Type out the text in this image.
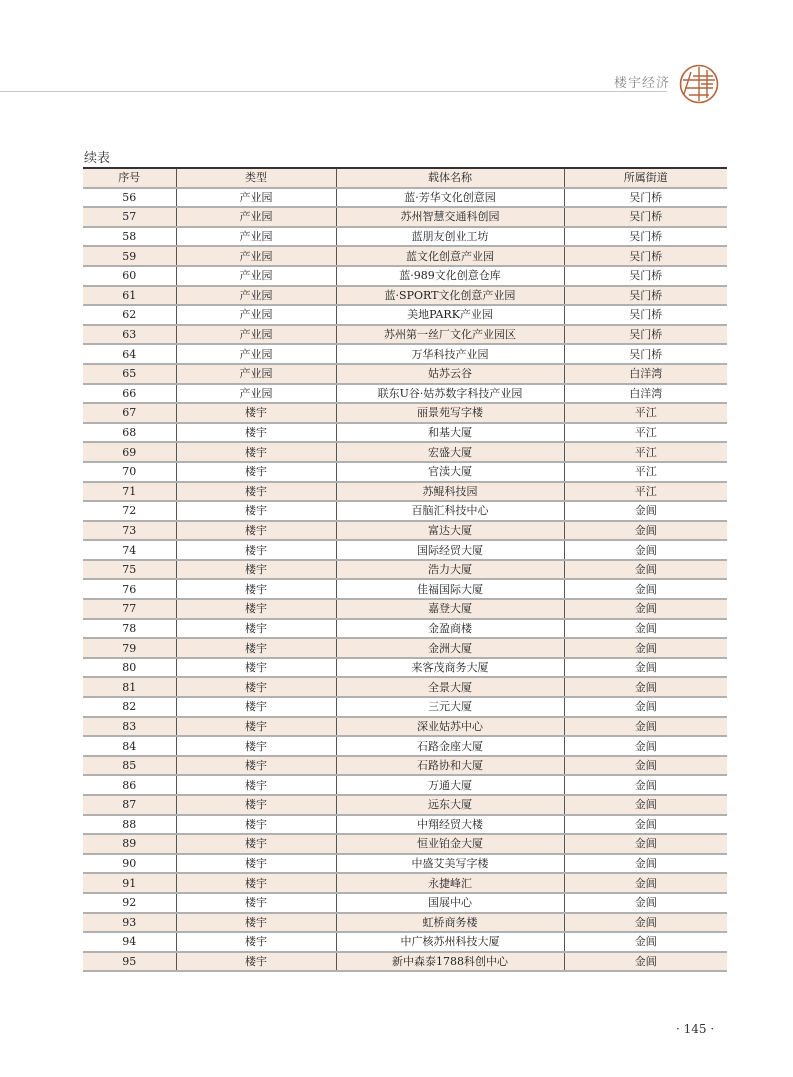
楼宇经济
续表
序号	类型	载体名称	所属街道
56	产业园	蓝·芳华文化创意园	吴门桥
57	产业园	苏州智慧交通科创园	吴门桥
58	产业园	蓝朋友创业工坊	吴门桥
59	产业园	蓝文化创意产业园	吴门桥
60	产业园	蓝·989文化创意仓库	吴门桥
61	产业园	蓝·SPORT文化创意产业园	吴门桥
62	产业园	美地PARK产业园	吴门桥
63	产业园	苏州第一丝厂文化产业园区	吴门桥
64	产业园	万华科技产业园	吴门桥
65	产业园	姑苏云谷	白洋湾
66	产业园	联东U谷·姑苏数字科技产业园	白洋湾
67	楼宇	丽景苑写字楼	平江
68	楼宇	和基大厦	平江
69	楼宇	宏盛大厦	平江
70	楼宇	官渎大厦	平江
71	楼宇	苏鲲科技园	平江
72	楼宇	百脑汇科技中心	金阊
73	楼宇	富达大厦	金阊
74	楼宇	国际经贸大厦	金阊
75	楼宇	浩力大厦	金阊
76	楼宇	佳福国际大厦	金阊
77	楼宇	嘉登大厦	金阊
78	楼宇	金盈商楼	金阊
79	楼宇	金洲大厦	金阊
80	楼宇	来客茂商务大厦	金阊
81	楼宇	全景大厦	金阊
82	楼宇	三元大厦	金阊
83	楼宇	深业姑苏中心	金阊
84	楼宇	石路金座大厦	金阊
85	楼宇	石路协和大厦	金阊
86	楼宇	万通大厦	金阊
87	楼宇	远东大厦	金阊
88	楼宇	中翔经贸大楼	金阊
89	楼宇	恒业铂金大厦	金阊
90	楼宇	中盛艾美写字楼	金阊
91	楼宇	永捷峰汇	金阊
92	楼宇	国展中心	金阊
93	楼宇	虹桥商务楼	金阊
94	楼宇	中广核苏州科技大厦	金阊
95	楼宇	新中森泰1788科创中心	金阊
· 145 ·
